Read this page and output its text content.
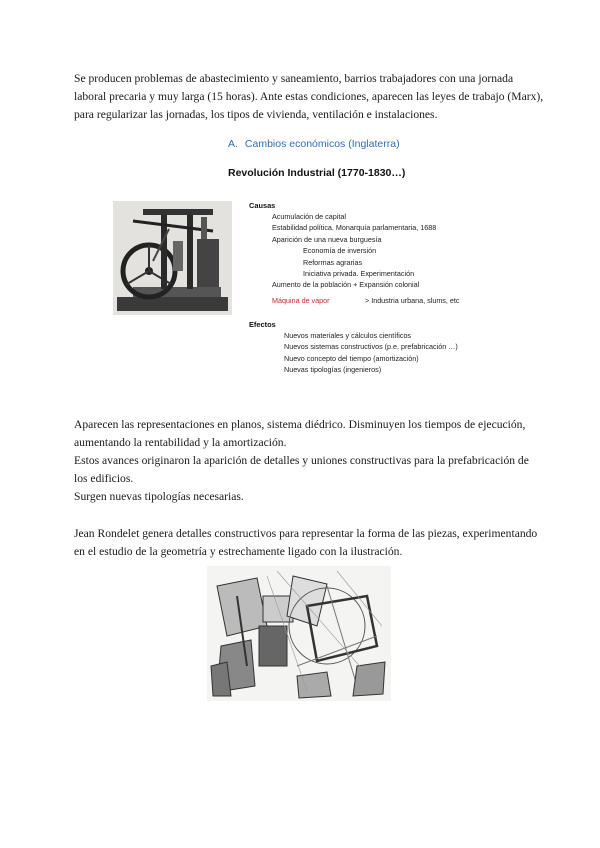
Se producen problemas de abastecimiento y saneamiento, barrios trabajadores con una jornada
laboral precaria y muy larga (15 horas). Ante estas condiciones, aparecen las leyes de trabajo (Marx),
para regularizar las jornadas, los tipos de vivienda, ventilación e instalaciones.

A. Cambios económicos (Inglaterra)
Revolución Industrial (1770-1830…)
Causas
Acumulación de capital
Estabilidad política. Monarquía parlamentaria, 1688
Aparición de una nueva burguesía
Economía de inversión
Reformas agrarias
Iniciativa privada. Experimentación
Aumento de la población + Expansión colonial
Máquina de vapor	> Industria urbana, slums, etc
Efectos
Nuevos materiales y cálculos científicos
Nuevos sistemas constructivos (p.e. prefabricación …)
Nuevo concepto del tiempo (amortización)
Nuevas tipologías (ingenieros)

Aparecen las representaciones en planos, sistema diédrico. Disminuyen los tiempos de ejecución,
aumentando la rentabilidad y la amortización.
Estos avances originaron la aparición de detalles y uniones constructivas para la prefabricación de
los edificios.
Surgen nuevas tipologías necesarias.

Jean Rondelet genera detalles constructivos para representar la forma de las piezas, experimentando
en el estudio de la geometría y estrechamente ligado con la ilustración.
